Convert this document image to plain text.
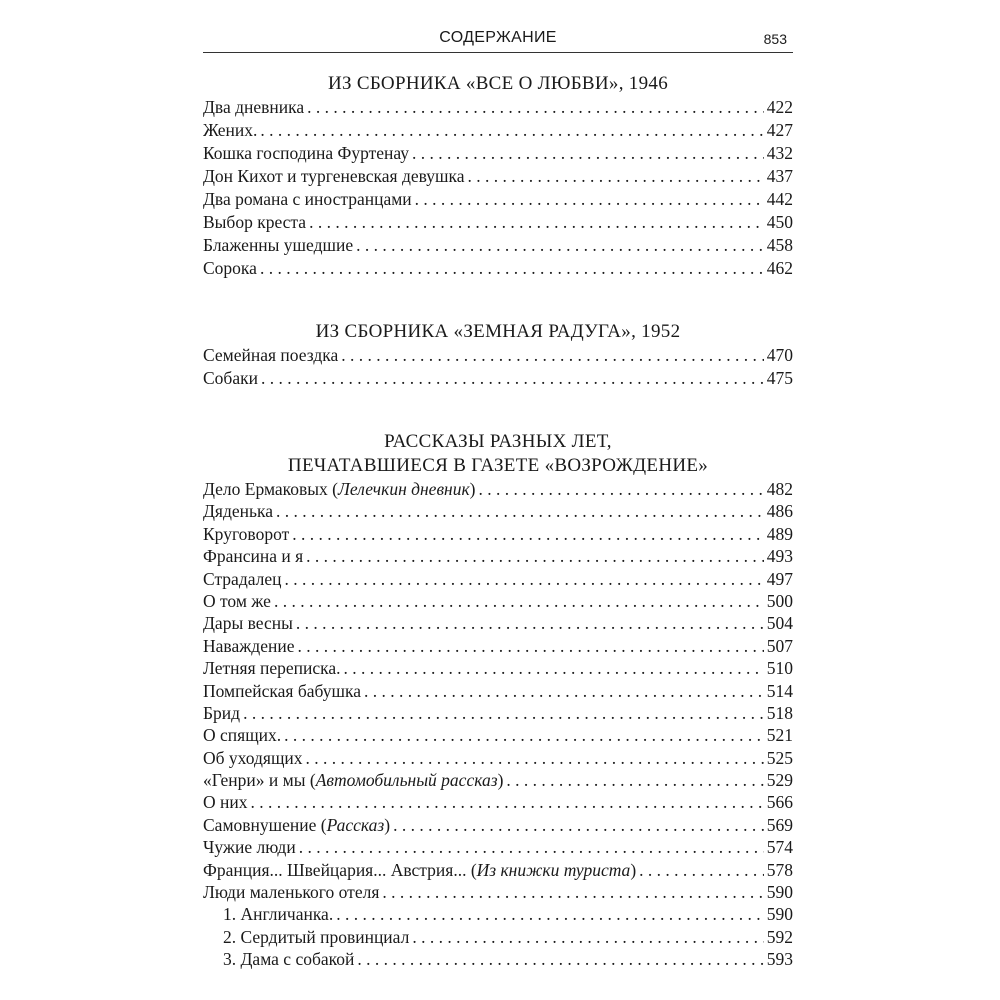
СОДЕРЖАНИЕ	853
ИЗ СБОРНИКА «ВСЕ О ЛЮБВИ», 1946
Два дневника . . .	422
Жених. . . .	427
Кошка господина Фуртенау . . .	432
Дон Кихот и тургеневская девушка . . .	437
Два романа с иностранцами . . .	442
Выбор креста . . .	450
Блаженны ушедшие . . .	458
Сорока . . .	462
ИЗ СБОРНИКА «ЗЕМНАЯ РАДУГА», 1952
Семейная поездка . . .	470
Собаки . . .	475
РАССКАЗЫ РАЗНЫХ ЛЕТ,
ПЕЧАТАВШИЕСЯ В ГАЗЕТЕ «ВОЗРОЖДЕНИЕ»
Дело Ермаковых (Лелечкин дневник) . . .	482
Дяденька . . .	486
Круговорот . . .	489
Франсина и я . . .	493
Страдалец . . .	497
О том же . . .	500
Дары весны . . .	504
Наваждение . . .	507
Летняя переписка. . . .	510
Помпейская бабушка . . .	514
Брид . . .	518
О спящих. . . .	521
Об уходящих . . .	525
«Генри» и мы (Автомобильный рассказ) . . .	529
О них . . .	566
Самовнушение (Рассказ) . . .	569
Чужие люди . . .	574
Франция... Швейцария... Австрия... (Из книжки туриста) . . .	578
Люди маленького отеля . . .	590
1. Англичанка. . . .	590
2. Сердитый провинциал . . .	592
3. Дама с собакой . . .	593
